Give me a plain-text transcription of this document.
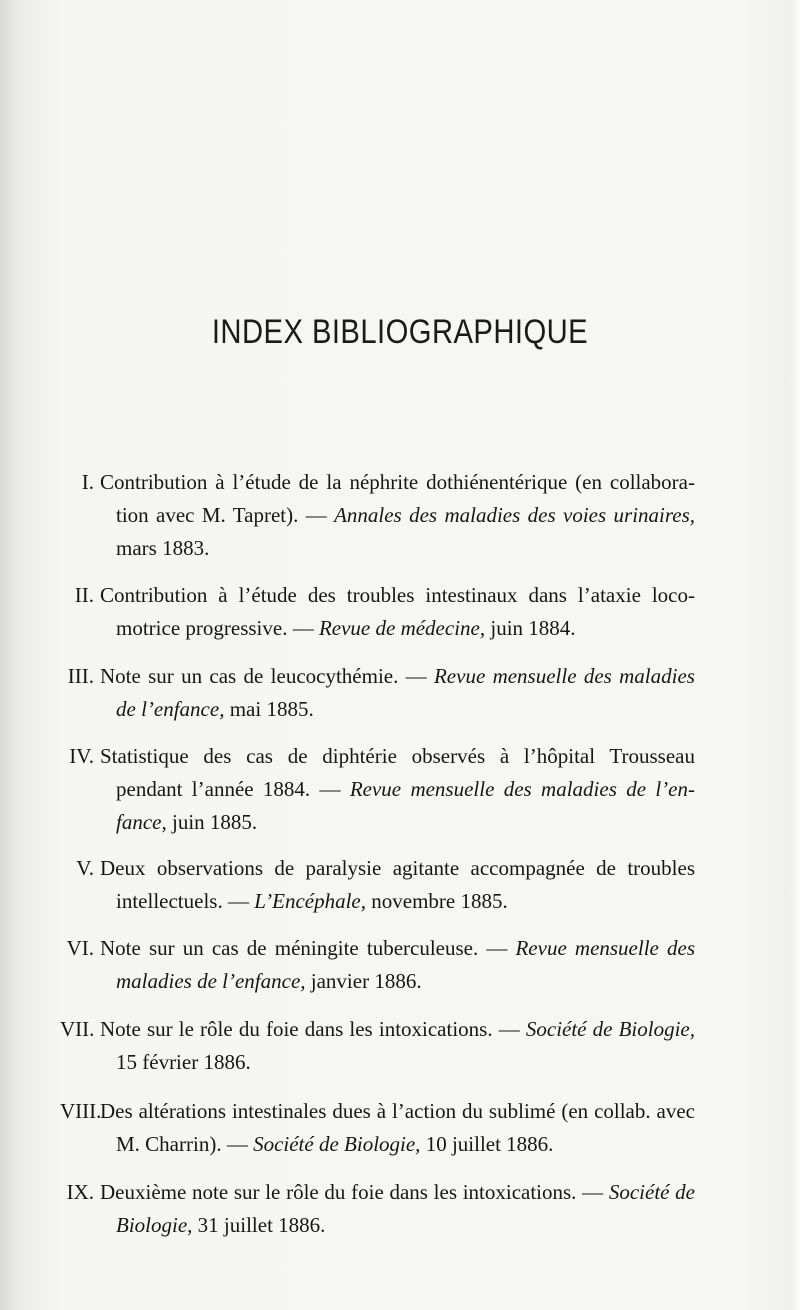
INDEX BIBLIOGRAPHIQUE
I. Contribution à l’étude de la néphrite dothiénentérique (en collabora-
tion avec M. Tapret). — Annales des maladies des voies urinaires,
mars 1883.
II. Contribution à l’étude des troubles intestinaux dans l’ataxie loco-
motrice progressive. — Revue de médecine, juin 1884.
III. Note sur un cas de leucocythémie. — Revue mensuelle des maladies
de l’enfance, mai 1885.
IV. Statistique des cas de diphtérie observés à l’hôpital Trousseau
pendant l’année 1884. — Revue mensuelle des maladies de l’en-
fance, juin 1885.
V. Deux observations de paralysie agitante accompagnée de troubles
intellectuels. — L’Encéphale, novembre 1885.
VI. Note sur un cas de méningite tuberculeuse. — Revue mensuelle des
maladies de l’enfance, janvier 1886.
VII. Note sur le rôle du foie dans les intoxications. — Société de Biologie,
15 février 1886.
VIII.
Des altérations intestinales dues à l’action du sublimé (en collab. avec
M. Charrin). — Société de Biologie, 10 juillet 1886.
IX. Deuxième note sur le rôle du foie dans les intoxications. — Société de
Biologie, 31 juillet 1886.
